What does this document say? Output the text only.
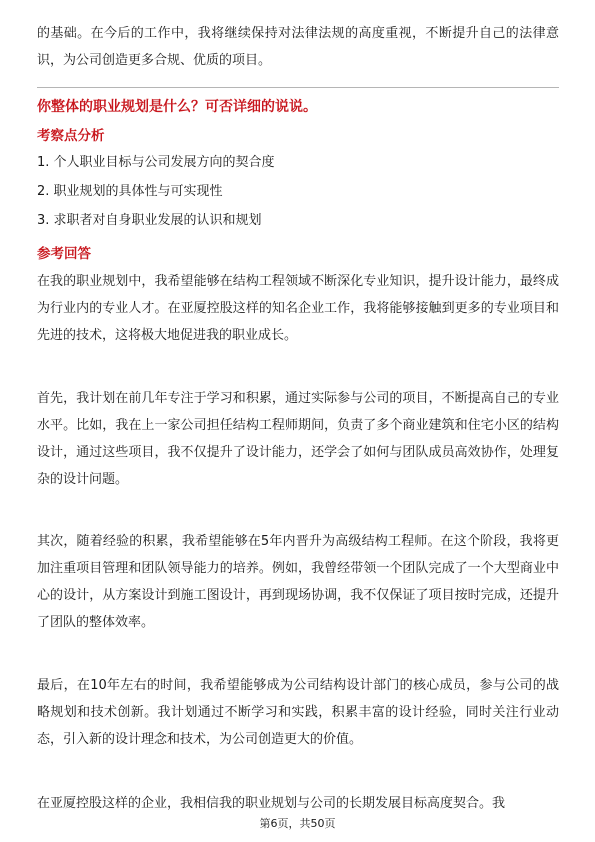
的基础。在今后的工作中，我将继续保持对法律法规的高度重视，不断提升自己的法律意识，为公司创造更多合规、优质的项目。

你整体的职业规划是什么？可否详细的说说。

考察点分析

1. 个人职业目标与公司发展方向的契合度

2. 职业规划的具体性与可实现性

3. 求职者对自身职业发展的认识和规划

参考回答

在我的职业规划中，我希望能够在结构工程领域不断深化专业知识，提升设计能力，最终成为行业内的专业人才。在亚厦控股这样的知名企业工作，我将能够接触到更多的专业项目和先进的技术，这将极大地促进我的职业成长。

首先，我计划在前几年专注于学习和积累，通过实际参与公司的项目，不断提高自己的专业水平。比如，我在上一家公司担任结构工程师期间，负责了多个商业建筑和住宅小区的结构设计，通过这些项目，我不仅提升了设计能力，还学会了如何与团队成员高效协作，处理复杂的设计问题。

其次，随着经验的积累，我希望能够在5年内晋升为高级结构工程师。在这个阶段，我将更加注重项目管理和团队领导能力的培养。例如，我曾经带领一个团队完成了一个大型商业中心的设计，从方案设计到施工图设计，再到现场协调，我不仅保证了项目按时完成，还提升了团队的整体效率。

最后，在10年左右的时间，我希望能够成为公司结构设计部门的核心成员，参与公司的战略规划和技术创新。我计划通过不断学习和实践，积累丰富的设计经验，同时关注行业动态，引入新的设计理念和技术，为公司创造更大的价值。

在亚厦控股这样的企业，我相信我的职业规划与公司的长期发展目标高度契合。我

第6页，共50页
